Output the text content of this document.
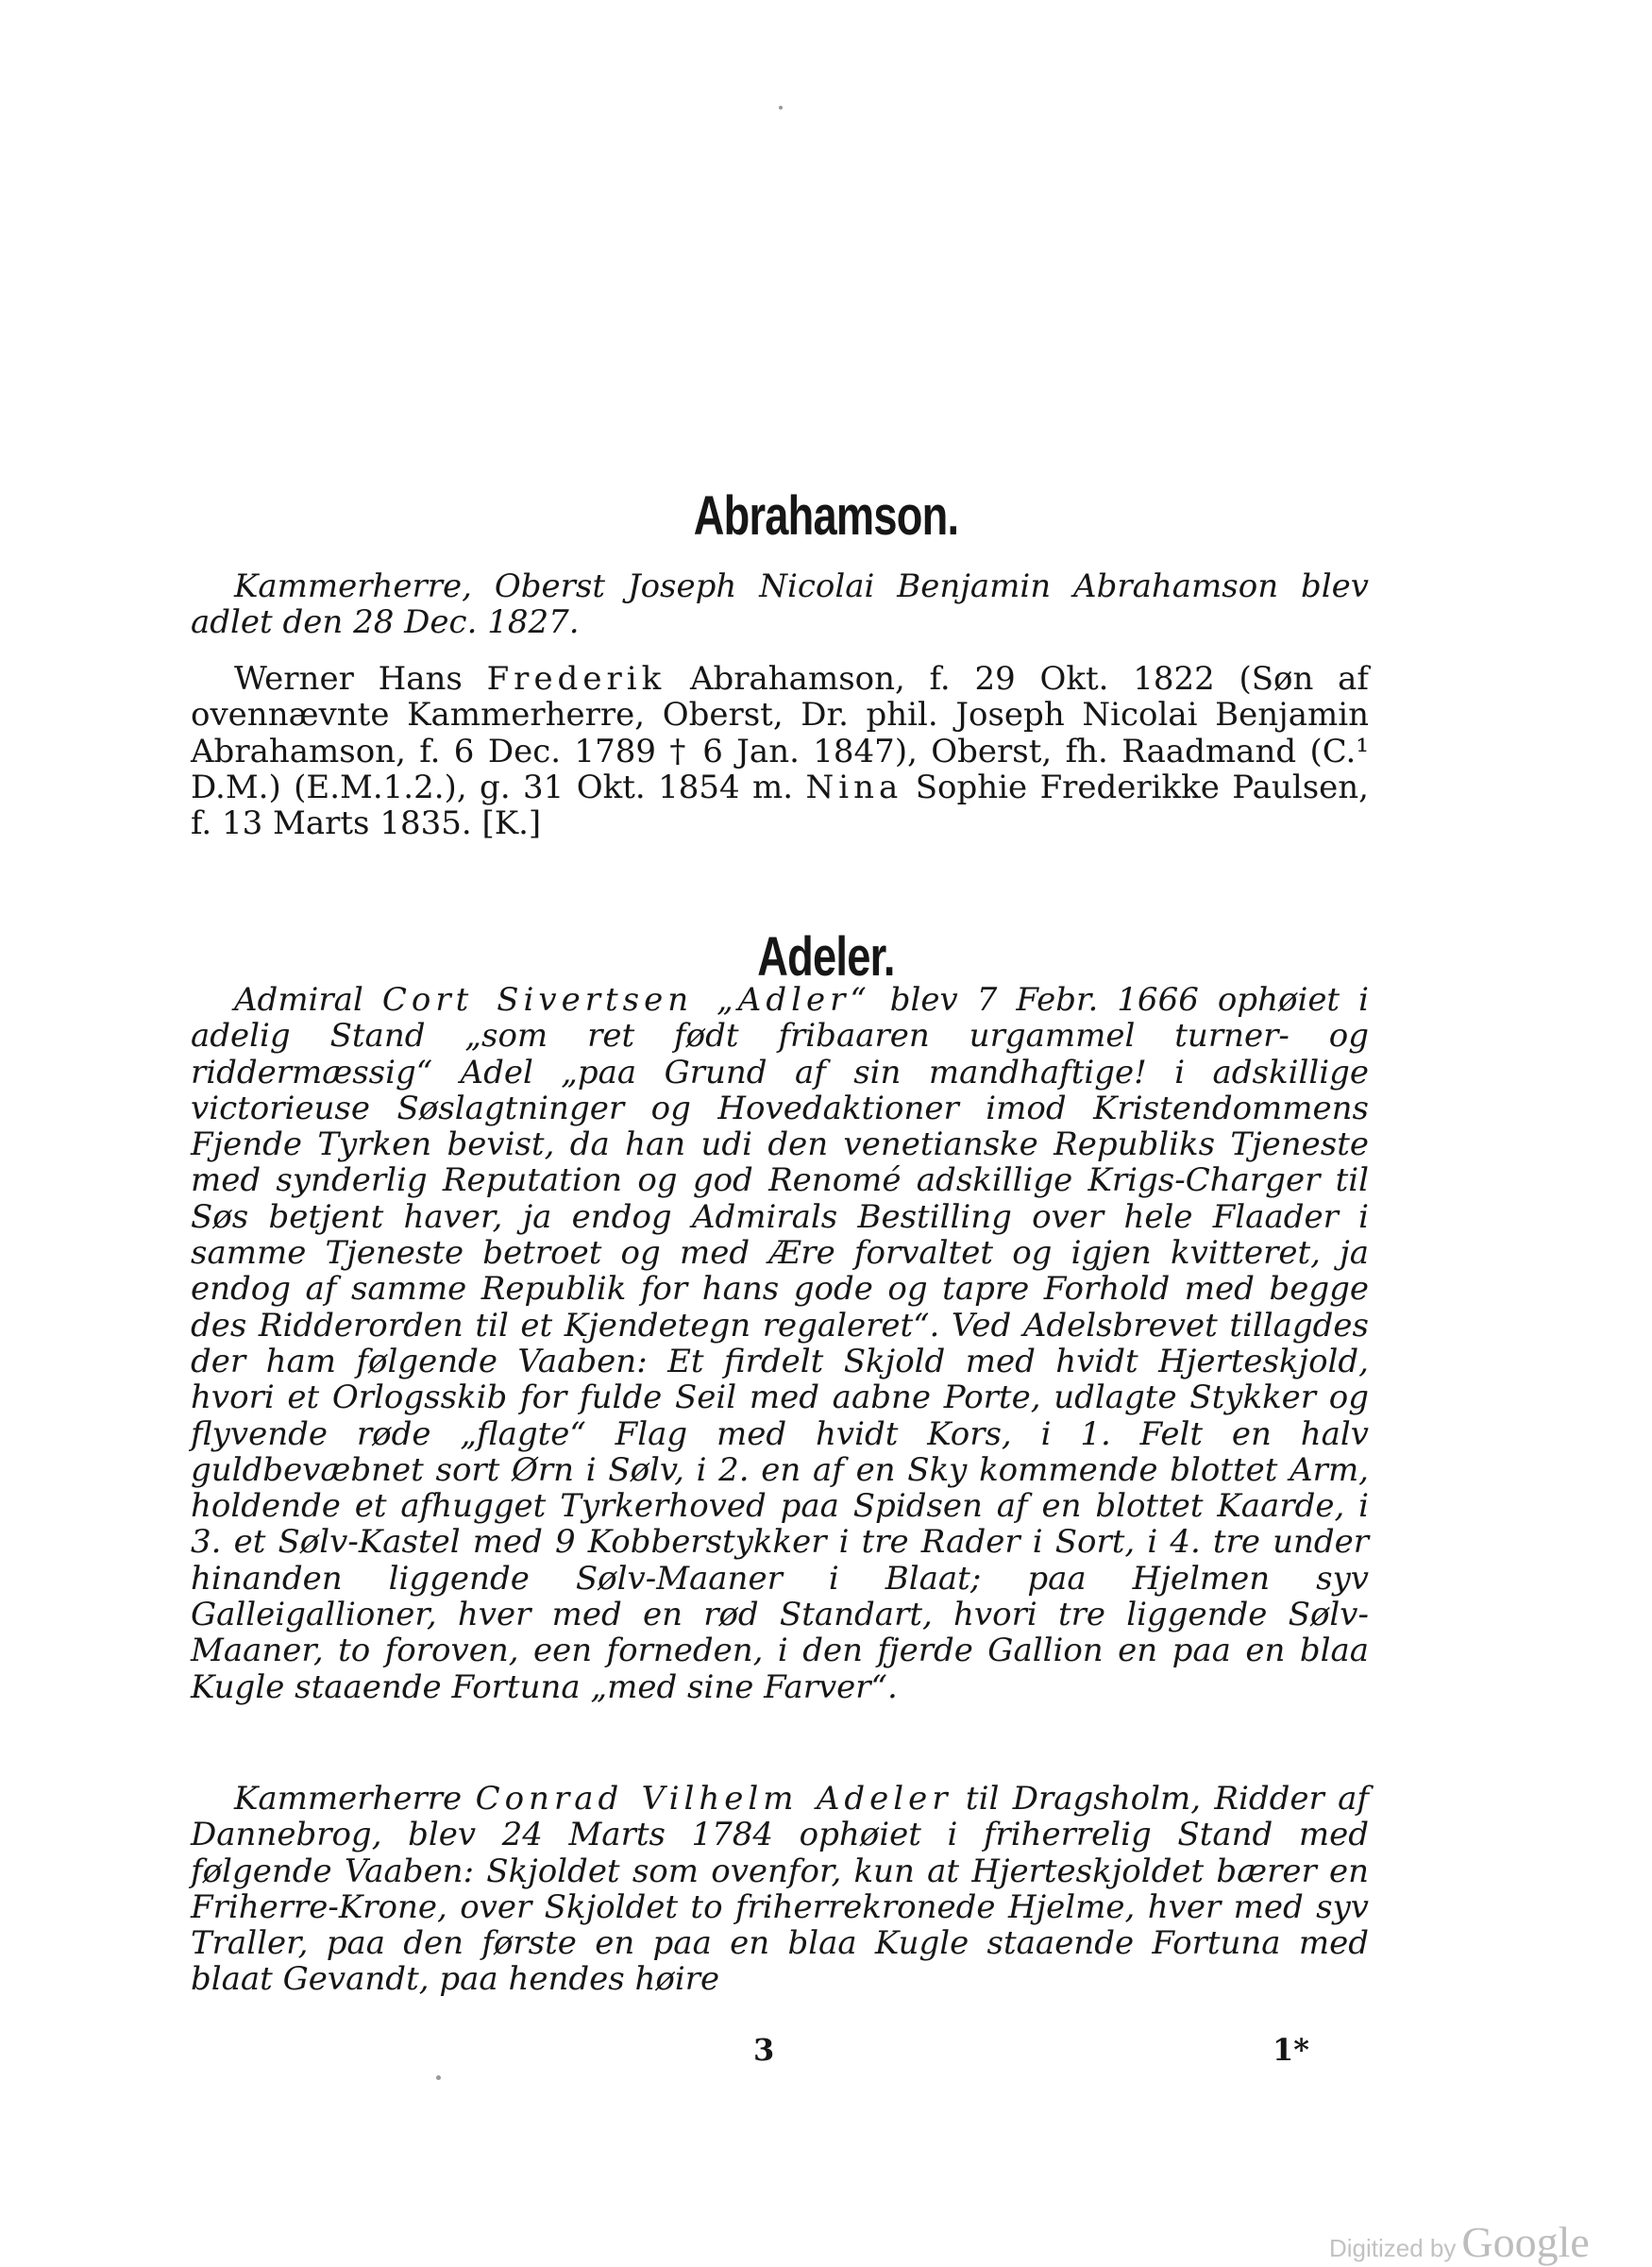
Abrahamson.

Kammerherre, Oberst Joseph Nicolai Benjamin Abrahamson blev adlet den 28 Dec. 1827.

Werner Hans Frederik Abrahamson, f. 29 Okt. 1822 (Søn af ovennævnte Kammerherre, Oberst, Dr. phil. Joseph Nicolai Benjamin Abrahamson, f. 6 Dec. 1789 † 6 Jan. 1847), Oberst, fh. Raadmand (C.¹ D.M.) (E.M.1.2.), g. 31 Okt. 1854 m. Nina Sophie Frederikke Paulsen, f. 13 Marts 1835. [K.]

Adeler.

Admiral Cort Sivertsen „Adler“ blev 7 Febr. 1666 ophøiet i adelig Stand „som ret født fribaaren urgammel turner- og riddermæssig“ Adel „paa Grund af sin mandhaftige! i adskillige victorieuse Søslagtninger og Hovedaktioner imod Kristendommens Fjende Tyrken bevist, da han udi den venetianske Republiks Tjeneste med synderlig Reputation og god Renomé adskillige Krigs-Charger til Søs betjent haver, ja endog Admirals Bestilling over hele Flaader i samme Tjeneste betroet og med Ære forvaltet og igjen kvitteret, ja endog af samme Republik for hans gode og tapre Forhold med begge des Ridderorden til et Kjendetegn regaleret“. Ved Adelsbrevet tillagdes der ham følgende Vaaben: Et firdelt Skjold med hvidt Hjerteskjold, hvori et Orlogsskib for fulde Seil med aabne Porte, udlagte Stykker og flyvende røde „flagte“ Flag med hvidt Kors, i 1. Felt en halv guldbevæbnet sort Ørn i Sølv, i 2. en af en Sky kommende blottet Arm, holdende et afhugget Tyrkerhoved paa Spidsen af en blottet Kaarde, i 3. et Sølv-Kastel med 9 Kobberstykker i tre Rader i Sort, i 4. tre under hinanden liggende Sølv-Maaner i Blaat; paa Hjelmen syv Galleigallioner, hver med en rød Standart, hvori tre liggende Sølv-Maaner, to foroven, een forneden, i den fjerde Gallion en paa en blaa Kugle staaende Fortuna „med sine Farver“.

Kammerherre Conrad Vilhelm Adeler til Dragsholm, Ridder af Dannebrog, blev 24 Marts 1784 ophøiet i friherrelig Stand med følgende Vaaben: Skjoldet som ovenfor, kun at Hjerteskjoldet bærer en Friherre-Krone, over Skjoldet to friherrekronede Hjelme, hver med syv Traller, paa den første en paa en blaa Kugle staaende Fortuna med blaat Gevandt, paa hendes høire

3	1*
Digitized by Google
